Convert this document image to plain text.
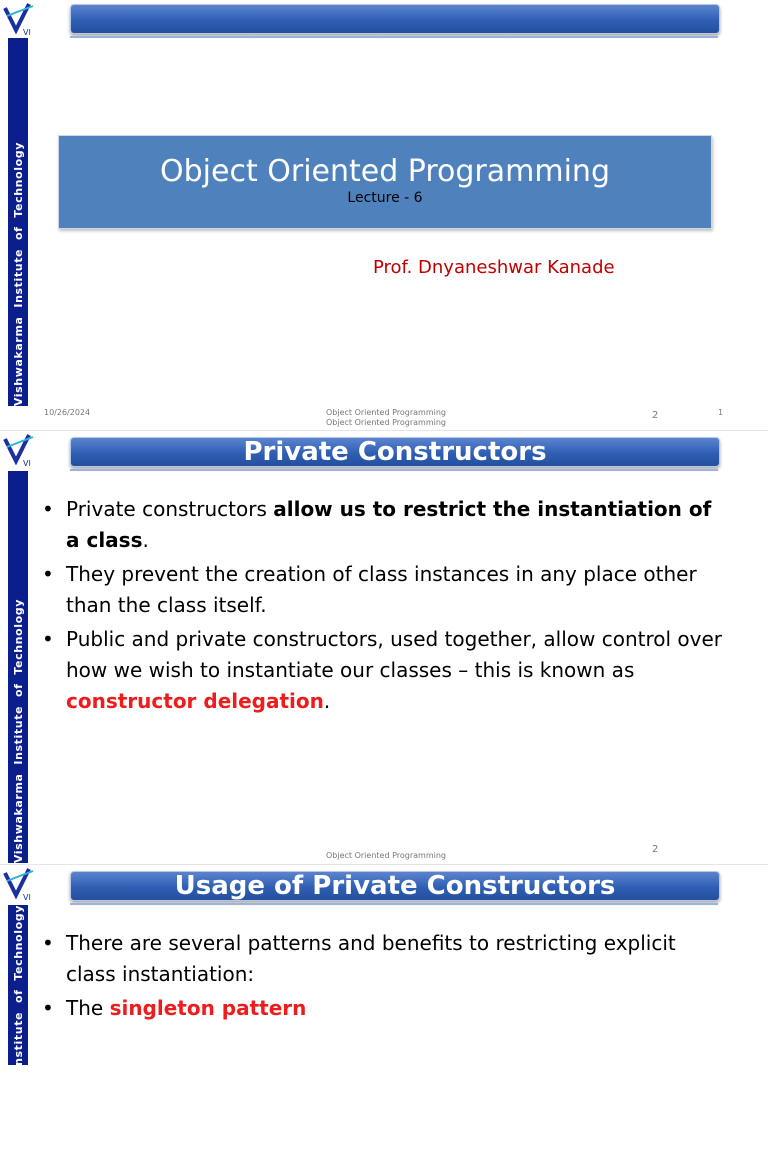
VI
Vishwakarma  Institute  of  Technology	Object Oriented Programming
Lecture - 6
Prof. Dnyaneshwar Kanade
10/26/2024	Object Oriented Programming
Object Oriented Programming
2	1
VI
Vishwakarma  Institute  of  Technology
Private Constructors
• Private constructors allow us to restrict the instantiation of a class.
• They prevent the creation of class instances in any place other than the class itself.
• Public and private constructors, used together, allow control over how we wish to instantiate our classes – this is known as constructor delegation.
Object Oriented Programming
2
VI
Vishwakarma  Institute  of  Technology
Usage of Private Constructors
• There are several patterns and benefits to restricting explicit class instantiation:
• The singleton pattern
